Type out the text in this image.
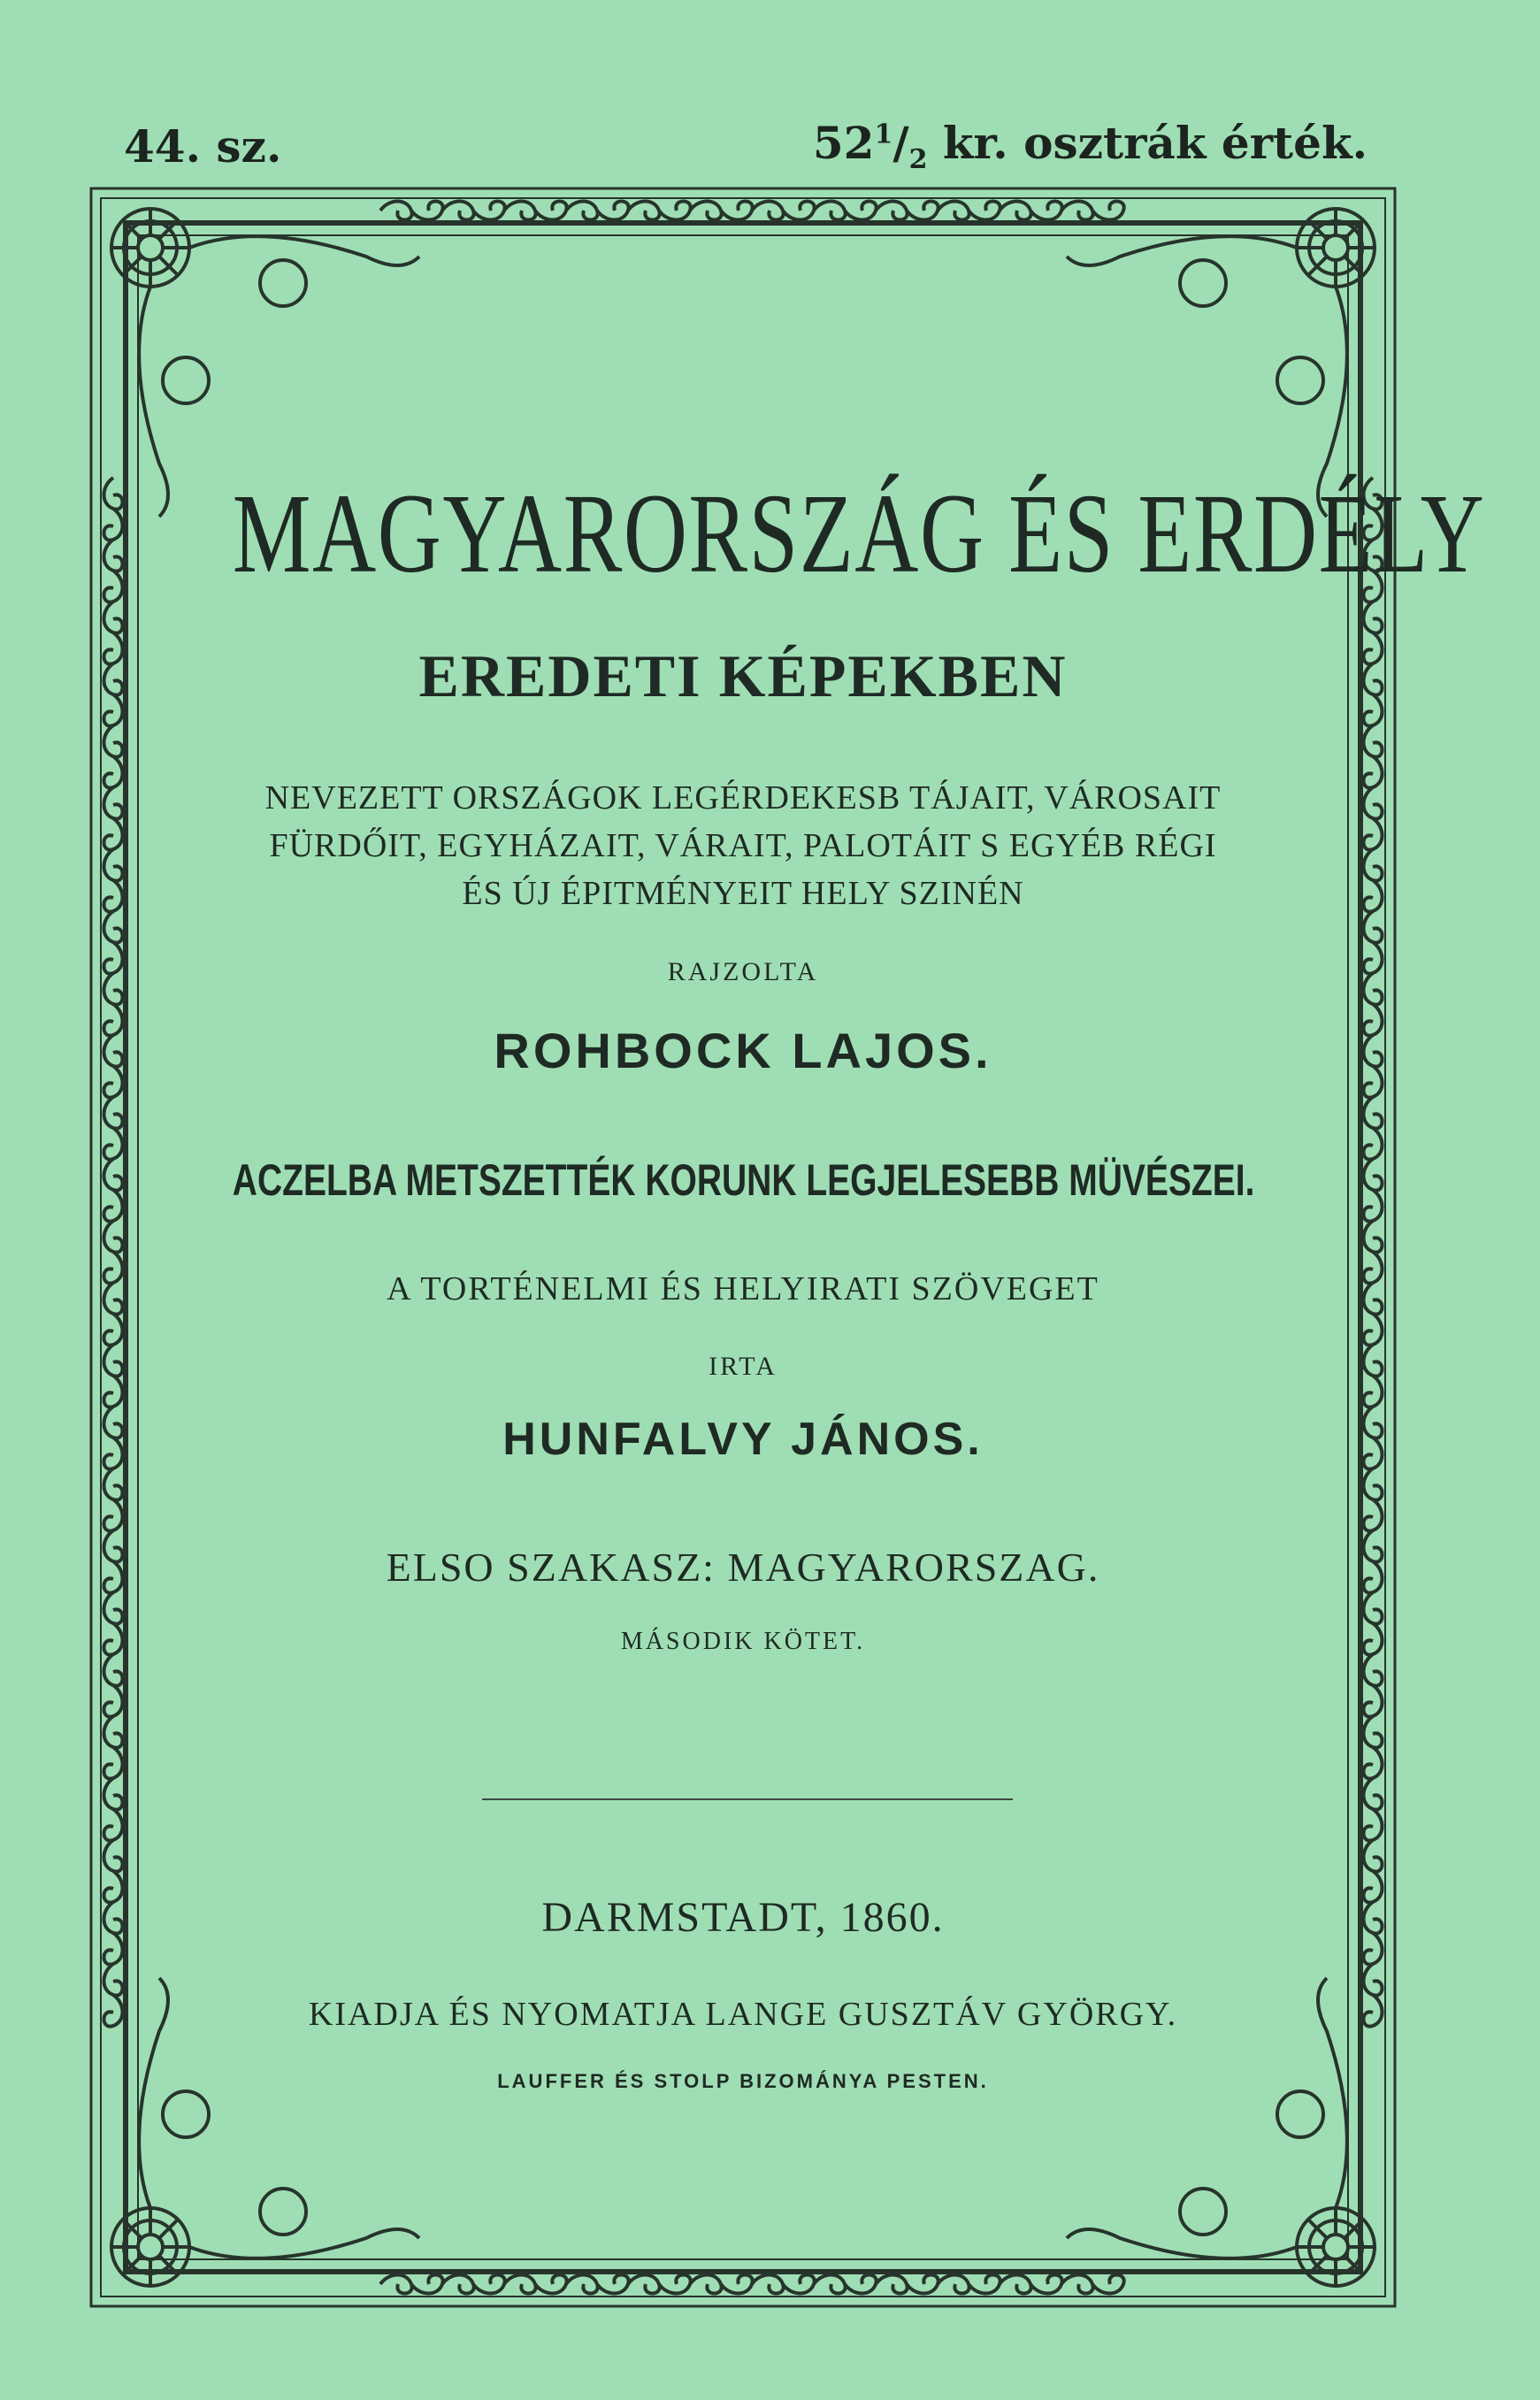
44. sz.	$52^1/_2$ kr. osztrák érték.
MAGYARORSZÁG ÉS ERDÉLY
EREDETI KÉPEKBEN
NEVEZETT ORSZÁGOK LEGÉRDEKESB TÁJAIT, VÁROSAIT
FÜRDŐIT, EGYHÁZAIT, VÁRAIT, PALOTÁIT S EGYÉB RÉGI
ÉS ÚJ ÉPITMÉNYEIT HELY SZINÉN
RAJZOLTA
ROHBOCK LAJOS.
ACZELBA METSZETTÉK KORUNK LEGJELESEBB MÜVÉSZEI.
A TORTÉNELMI ÉS HELYIRATI SZÖVEGET
IRTA
HUNFALVY JÁNOS.
ELSO SZAKASZ: MAGYARORSZAG.
MÁSODIK KÖTET.
DARMSTADT, 1860.
KIADJA ÉS NYOMATJA LANGE GUSZTÁV GYÖRGY.
LAUFFER ÉS STOLP BIZOMÁNYA PESTEN.
